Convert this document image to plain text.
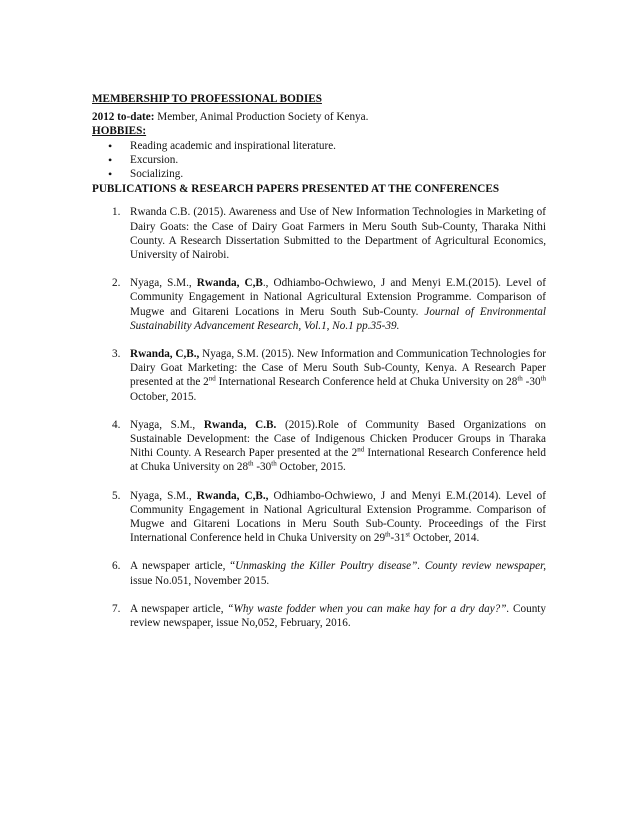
MEMBERSHIP TO PROFESSIONAL BODIES
2012 to-date: Member, Animal Production Society of Kenya.
HOBBIES:
• Reading academic and inspirational literature.
• Excursion.
• Socializing.
PUBLICATIONS & RESEARCH PAPERS PRESENTED AT THE CONFERENCES
1. Rwanda C.B. (2015). Awareness and Use of New Information Technologies in Marketing of Dairy Goats: the Case of Dairy Goat Farmers in Meru South Sub-County, Tharaka Nithi County. A Research Dissertation Submitted to the Department of Agricultural Economics, University of Nairobi.
2. Nyaga, S.M., Rwanda, C,B., Odhiambo-Ochwiewo, J and Menyi E.M.(2015). Level of Community Engagement in National Agricultural Extension Programme. Comparison of Mugwe and Gitareni Locations in Meru South Sub-County. Journal of Environmental Sustainability Advancement Research, Vol.1, No.1 pp.35-39.
3. Rwanda, C,B., Nyaga, S.M. (2015). New Information and Communication Technologies for Dairy Goat Marketing: the Case of Meru South Sub-County, Kenya. A Research Paper presented at the 2nd International Research Conference held at Chuka University on 28th -30th October, 2015.
4. Nyaga, S.M., Rwanda, C.B. (2015).Role of Community Based Organizations on Sustainable Development: the Case of Indigenous Chicken Producer Groups in Tharaka Nithi County. A Research Paper presented at the 2nd International Research Conference held at Chuka University on 28th -30th October, 2015.
5. Nyaga, S.M., Rwanda, C,B., Odhiambo-Ochwiewo, J and Menyi E.M.(2014). Level of Community Engagement in National Agricultural Extension Programme. Comparison of Mugwe and Gitareni Locations in Meru South Sub-County. Proceedings of the First International Conference held in Chuka University on 29th-31st October, 2014.
6. A newspaper article, “Unmasking the Killer Poultry disease”. County review newspaper, issue No.051, November 2015.
7. A newspaper article, “Why waste fodder when you can make hay for a dry day?”. County review newspaper, issue No,052, February, 2016.
